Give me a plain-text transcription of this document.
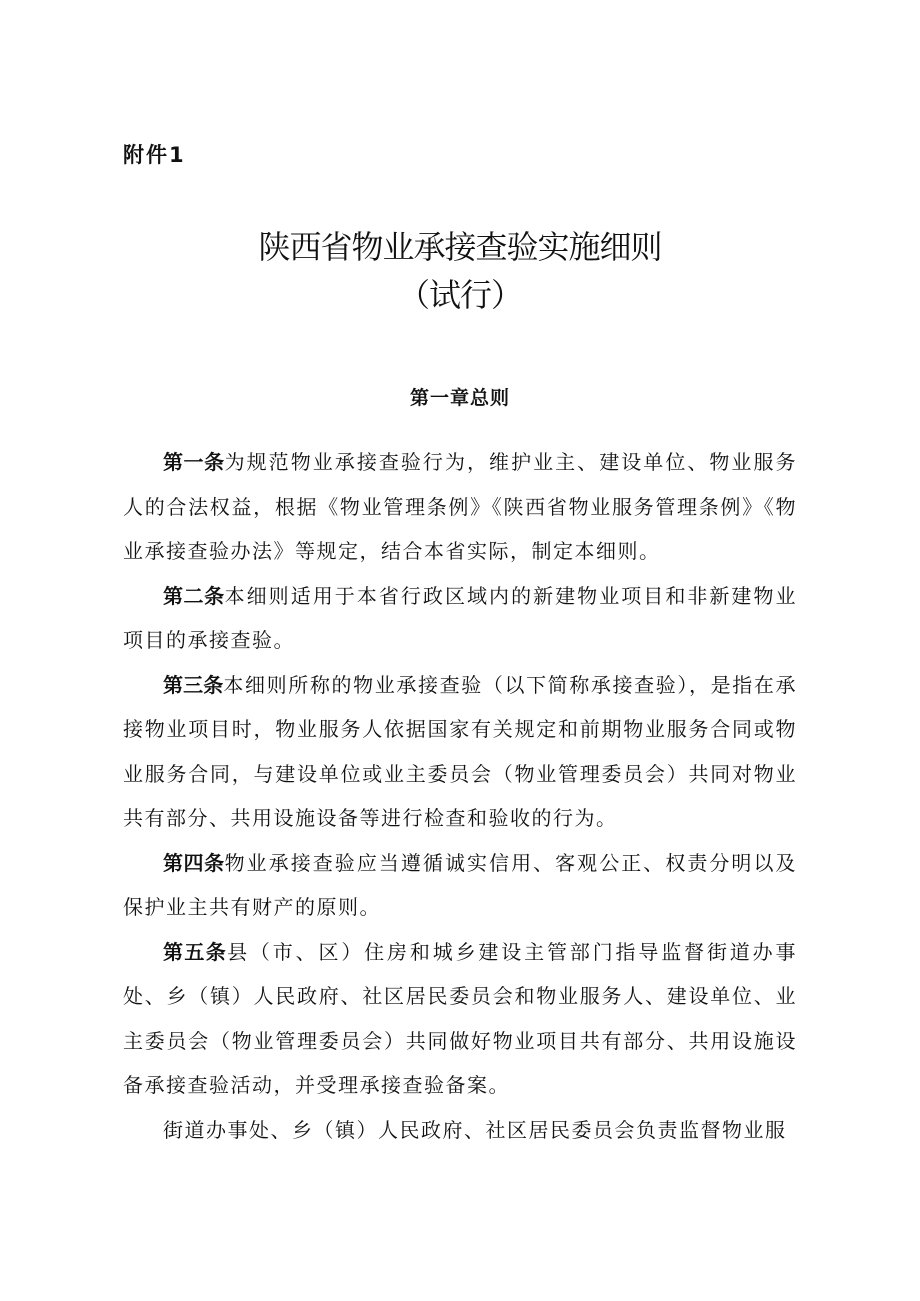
附件1
陕西省物业承接查验实施细则
（试行）
第一章总则

第一条为规范物业承接查验行为，维护业主、建设单位、物业服务人的合法权益，根据《物业管理条例》《陕西省物业服务管理条例》《物业承接查验办法》等规定，结合本省实际，制定本细则。

第二条本细则适用于本省行政区域内的新建物业项目和非新建物业项目的承接查验。

第三条本细则所称的物业承接查验（以下简称承接查验），是指在承接物业项目时，物业服务人依据国家有关规定和前期物业服务合同或物业服务合同，与建设单位或业主委员会（物业管理委员会）共同对物业共有部分、共用设施设备等进行检查和验收的行为。

第四条物业承接查验应当遵循诚实信用、客观公正、权责分明以及保护业主共有财产的原则。

第五条县（市、区）住房和城乡建设主管部门指导监督街道办事处、乡（镇）人民政府、社区居民委员会和物业服务人、建设单位、业主委员会（物业管理委员会）共同做好物业项目共有部分、共用设施设备承接查验活动，并受理承接查验备案。

街道办事处、乡（镇）人民政府、社区居民委员会负责监督物业服
